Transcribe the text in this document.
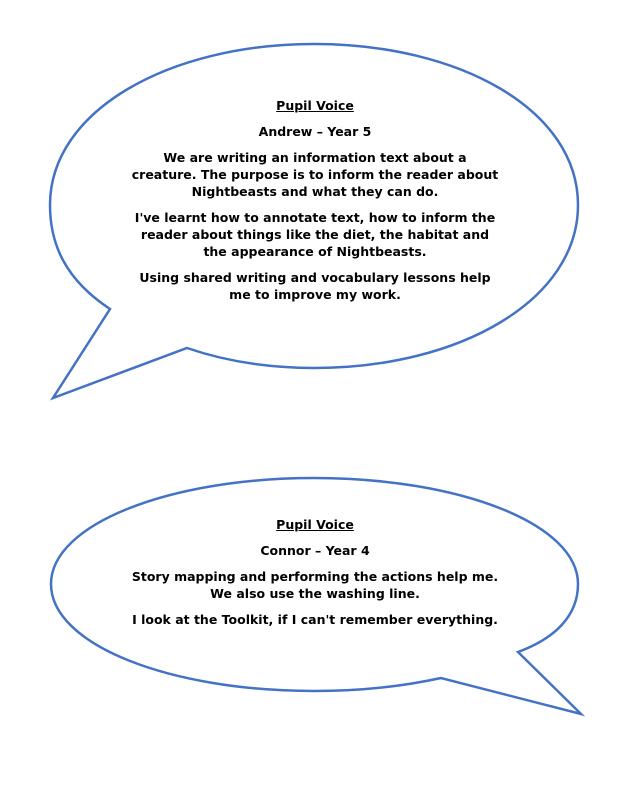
Pupil Voice

Andrew – Year 5

We are writing an information text about a creature. The purpose is to inform the reader about Nightbeasts and what they can do.

I've learnt how to annotate text, how to inform the reader about things like the diet, the habitat and the appearance of Nightbeasts.

Using shared writing and vocabulary lessons help me to improve my work.

Pupil Voice

Connor – Year 4

Story mapping and performing the actions help me. We also use the washing line.

I look at the Toolkit, if I can't remember everything.
